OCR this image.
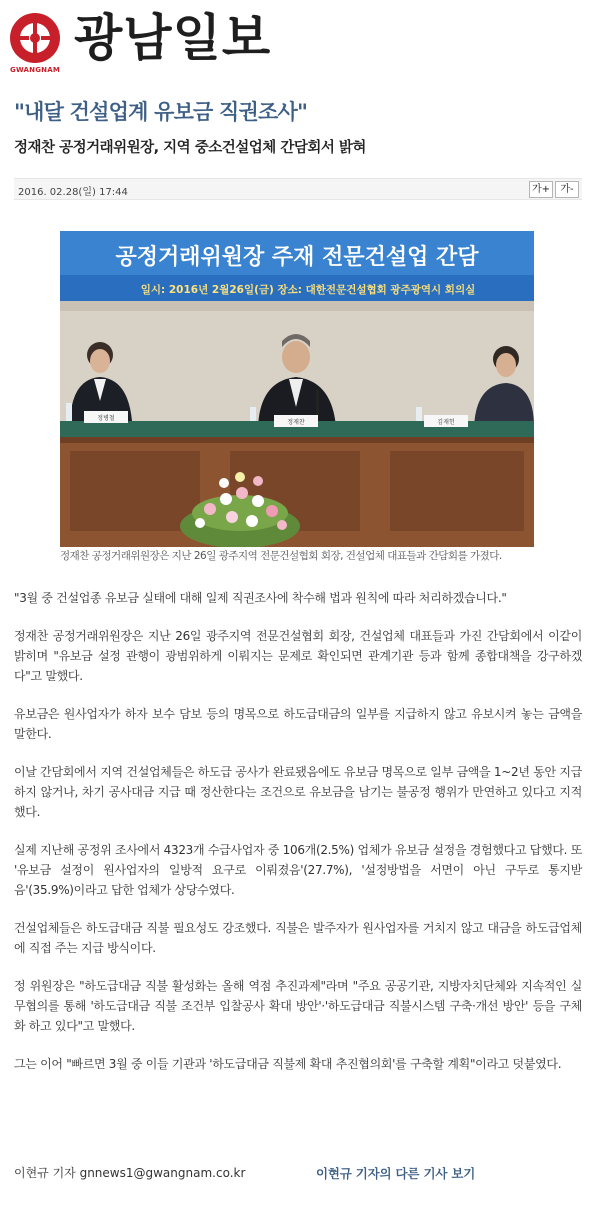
GWANGNAM
광남일보
"내달 건설업계 유보금 직권조사"
정재찬 공정거래위원장, 지역 중소건설업체 간담회서 밝혀
2016. 02.28(일) 17:44	가+	가-
공정거래위원장 주재 전문건설업 간담
일시: 2016년 2월26일(금) 장소: 대한전문건설협회 광주광역시 회의실
정병철
정재찬	김재헌
정재찬 공정거래위원장은 지난 26일 광주지역 전문건설협회 회장, 건설업체 대표들과 간담회를 가졌다.

"3월 중 건설업종 유보금 실태에 대해 일제 직권조사에 착수해 법과 원칙에 따라 처리하겠습니다."

정재찬 공정거래위원장은 지난 26일 광주지역 전문건설협회 회장, 건설업체 대표들과 가진 간담회에서 이같이 밝히며 "유보금 설정 관행이 광범위하게 이뤄지는 문제로 확인되면 관계기관 등과 함께 종합대책을 강구하겠다"고 말했다.

유보금은 원사업자가 하자 보수 담보 등의 명목으로 하도급대금의 일부를 지급하지 않고 유보시켜 놓는 금액을 말한다.

이날 간담회에서 지역 건설업체들은 하도급 공사가 완료됐음에도 유보금 명목으로 일부 금액을 1~2년 동안 지급하지 않거나, 차기 공사대금 지급 때 정산한다는 조건으로 유보금을 남기는 불공정 행위가 만연하고 있다고 지적했다.

실제 지난해 공정위 조사에서 4323개 수급사업자 중 106개(2.5%) 업체가 유보금 설정을 경험했다고 답했다. 또 '유보금 설정이 원사업자의 일방적 요구로 이뤄졌음'(27.7%), '설정방법을 서면이 아닌 구두로 통지받음'(35.9%)이라고 답한 업체가 상당수였다.

건설업체들은 하도급대금 직불 필요성도 강조했다. 직불은 발주자가 원사업자를 거치지 않고 대금을 하도급업체에 직접 주는 지급 방식이다.

정 위원장은 "하도급대금 직불 활성화는 올해 역점 추진과제"라며 "주요 공공기관, 지방자치단체와 지속적인 실무협의를 통해 '하도급대금 직불 조건부 입찰공사 확대 방안'·'하도급대금 직불시스템 구축·개선 방안' 등을 구체화 하고 있다"고 말했다.

그는 이어 "빠르면 3월 중 이들 기관과 '하도급대금 직불제 확대 추진협의회'를 구축할 계획"이라고 덧붙였다.

이현규 기자 gnnews1@gwangnam.co.kr	이현규 기자의 다른 기사 보기
